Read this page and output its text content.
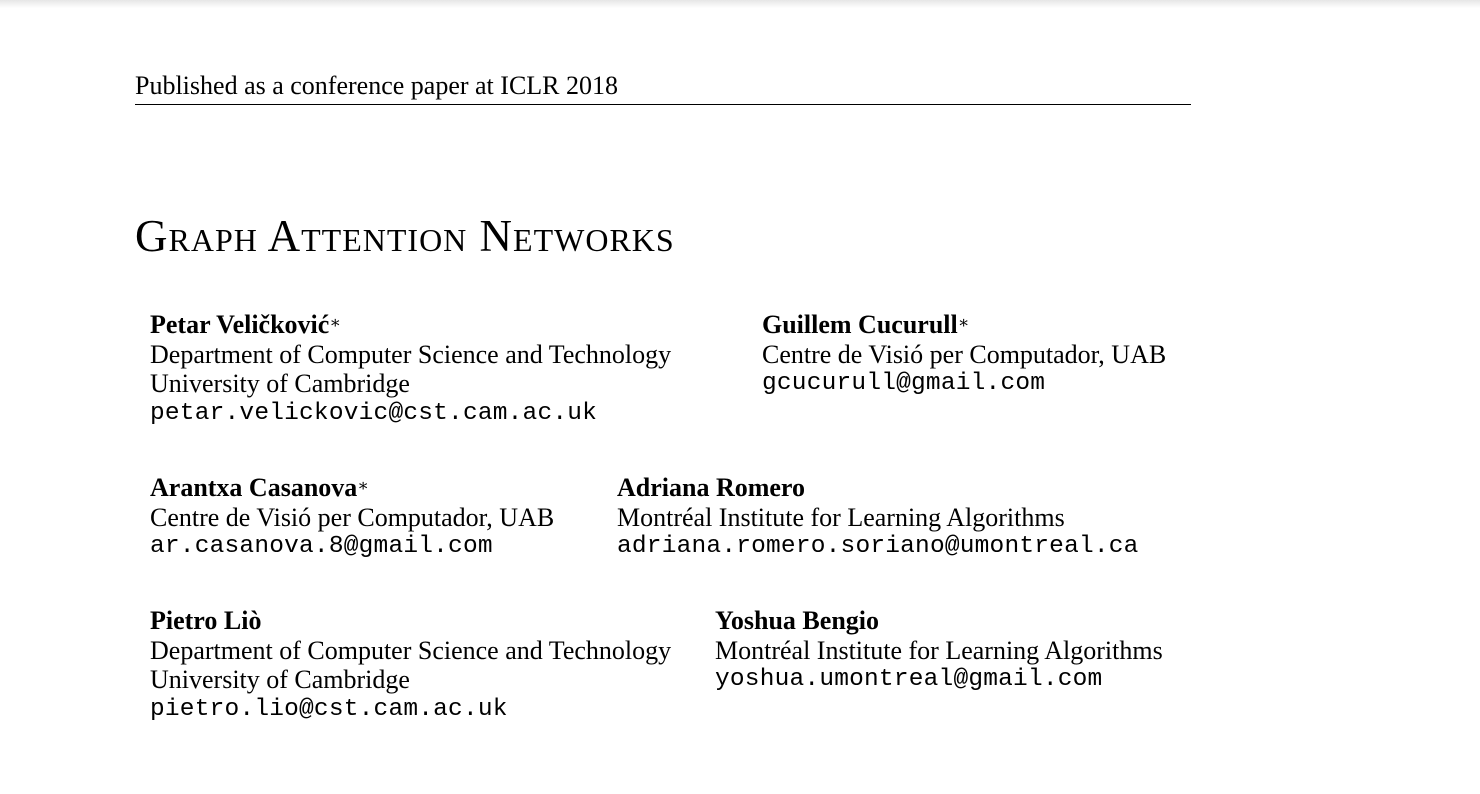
Published as a conference paper at ICLR 2018
Graph Attention Networks
Petar Veličković∗
Department of Computer Science and Technology
University of Cambridge
petar.velickovic@cst.cam.ac.uk
Guillem Cucurull∗
Centre de Visió per Computador, UAB
gcucurull@gmail.com
Arantxa Casanova∗
Centre de Visió per Computador, UAB
ar.casanova.8@gmail.com
Adriana Romero
Montréal Institute for Learning Algorithms
adriana.romero.soriano@umontreal.ca
Pietro Liò
Department of Computer Science and Technology
University of Cambridge
pietro.lio@cst.cam.ac.uk
Yoshua Bengio
Montréal Institute for Learning Algorithms
yoshua.umontreal@gmail.com
